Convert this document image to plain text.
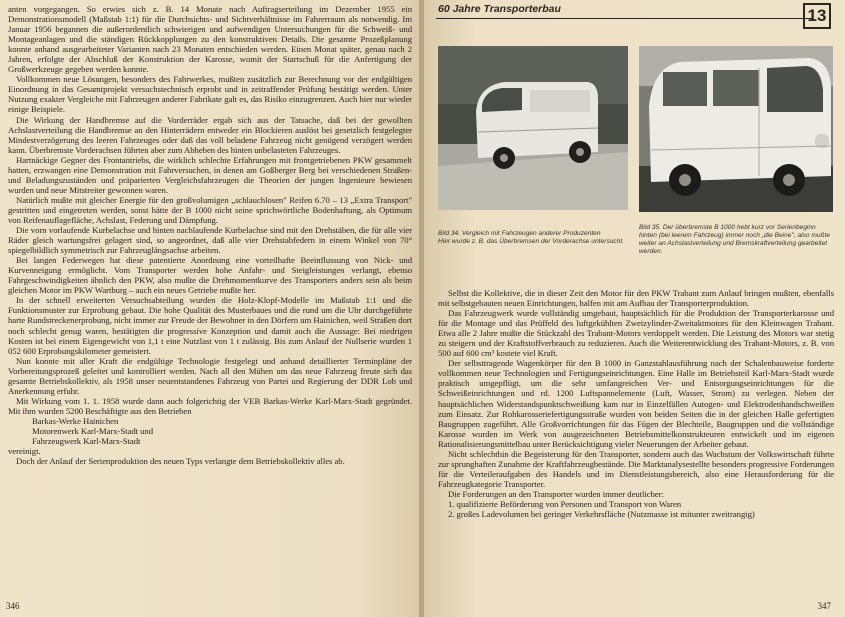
anten vorgegangen. So erwies sich z. B. 14 Monate nach Auftragserteilung im Dezember 1955 ein Demonstrationsmodell (Maßstab 1:1) für die Durchsichts- und Sichtverhältnisse im Fahrerraum als notwendig. Im Januar 1956 begannen die außerordentlich schwierigen und aufwendigen Untersuchungen für die Schweiß- und Montageanlagen und die ständigen Rückkopplungen zu den konstruktiven Details. Die gesamte Prozeßplanung konnte anhand ausgearbeiteter Varianten nach 23 Monaten entschieden werden. Einen Monat später, genau nach 2 Jahren, erfolgte der Abschluß der Konstruktion der Karosse, womit der Startschuß für die Anfertigung der Großwerkzeuge gegeben werden konnte.

Vollkommen neue Lösungen, besonders des Fahrwerkes, mußten zusätzlich zur Berechnung vor der endgültigen Einordnung in das Gesamtprojekt versuchstechnisch erprobt und in zeitraffender Prüfung bestätigt werden. Unter Nutzung exakter Vergleiche mit Fahrzeugen anderer Fabrikate galt es, das Risiko einzugrenzen. Auch hier nur wieder einige Beispiele.

Die Wirkung der Handbremse auf die Vorderräder ergab sich aus der Tatsache, daß bei der gewollten Achslastverteilung die Handbremse an den Hinterrädern entweder ein Blockieren auslöst bei gesetzlich festgelegter Mindestverzögerung des leeren Fahrzeuges oder daß das voll beladene Fahrzeug nicht genügend verzögert werden kann. Überbremste Vorderachsen führten aber zum Abheben des hinten unbelasteten Fahrzeuges.

Hartnäckige Gegner des Frontantriebs, die wirklich schlechte Erfahrungen mit frontgetriebenen PKW gesammelt hatten, erzwangen eine Demonstration mit Fahrversuchen, in denen am Goßberger Berg bei verschiedenen Straßen- und Beladungszuständen und präparierten Vergleichsfahrzeugen die Theorien der jungen Ingenieure bewiesen wurden und neue Mitstreiter gewonnen waren.

Natürlich mußte mit gleicher Energie für den großvolumigen „schlauchlosen" Reifen 6.70 – 13 „Extra Transport" gestritten und eingetreten werden, sonst hätte der B 1000 nicht seine sprichwörtliche Bodenhaftung, als Optimum von Reifenauflagefläche, Achslast, Federung und Dämpfung.

Die vorn vorlaufende Kurbelachse und hinten nachlaufende Kurbelachse sind mit den Drehstäben, die für alle vier Räder gleich wartungsfrei gelagert sind, so angeordnet, daß alle vier Drehstabfedern in einem Winkel von 70° spiegelbildlich symmetrisch zur Fahrzeuglängsachse arbeiten.

Bei langen Federwegen hat diese patentierte Anordnung eine vorteilhafte Beeinflussung von Nick- und Kurvenneigung ermöglicht. Vom Transporter werden hohe Anfahr- und Steigleistungen verlangt, ebenso Fahrgeschwindigkeiten ähnlich den PKW, also mußte die Drehmomentkurve des Transporters anders sein als beim gleichen Motor im PKW Wartburg – auch ein neues Getriebe mußte her.

In der schnell erweiterten Versuchsabteilung wurden die Holz-Klopf-Modelle im Maßstab 1:1 und die Funktionsmuster zur Erprobung gebaut. Die hohe Qualität des Musterbaues und die rund um die Uhr durchgeführte harte Rundstreckenerprobung, nicht immer zur Freude der Bewohner in den Dörfern um Hainichen, weil Straßen dort noch schlecht genug waren, bestätigten die progressive Konzeption und damit auch die Aussage: Bei niedrigen Kosten ist bei einem Eigengewicht von 1,1 t eine Nutzlast von 1 t zulässig. Bis zum Anlauf der Nullserie wurden 1 052 600 Erprobungskilometer gemeistert.

Nun konnte mit aller Kraft die endgültige Technologie festgelegt und anhand detaillierter Terminpläne der Vorbereitungsprozeß geleitet und kontrolliert werden. Nach all den Mühen um das neue Fahrzeug freute sich das gesamte Betriebskollektiv, als 1958 unser neuentstandenes Fahrzeug von Partei und Regierung der DDR Lob und Anerkennung erfuhr.

Mit Wirkung vom 1. 1. 1958 wurde dann auch folgerichtig der VEB Barkas-Werke Karl-Marx-Stadt gegründet. Mit ihm wurden 5200 Beschäftigte aus den Betrieben

Barkas-Werke Hainichen

Motorenwerk Karl-Marx-Stadt und

Fahrzeugwerk Karl-Marx-Stadt

vereinigt.

Doch der Anlauf der Serienproduktion des neuen Typs verlangte dem Betriebskollektiv alles ab.

346
60 Jahre Transporterbau	13
Bild 34. Vergleich mit Fahrzeugen anderer Produzenten
Hier wurde z. B. das Überbremsen der Vorderachse untersucht.
Bild 35. Der überbremste B 1000 hebt kurz vor Serienbeginn hinten (bei leerem Fahrzeug) immer noch „die Beine", also mußte weiter an Achslastverteilung und Bremskraftverteilung gearbeitet werden.

Selbst die Kollektive, die in dieser Zeit den Motor für den PKW Trabant zum Anlauf bringen mußten, ebenfalls mit selbstgebauten neuen Einrichtungen, halfen mit am Aufbau der Transporterproduktion.

Das Fahrzeugwerk wurde vollständig umgebaut, hauptsächlich für die Produktion der Transporterkarosse und für die Montage und das Prüffeld des luftgekühlten Zweizylinder-Zweitaktmotors für den Kleinwagen Trabant. Etwa alle 2 Jahre mußte die Stückzahl des Trabant-Motors verdoppelt werden. Die Leistung des Motors war stetig zu steigern und der Kraftstoffverbrauch zu reduzieren. Auch die Weiterentwicklung des Trabant-Motors, z. B. von 500 auf 600 cm³ kostete viel Kraft.

Der selbsttragende Wagenkörper für den B 1000 in Ganzstahlausführung nach der Schalenbauweise forderte vollkommen neue Technologien und Fertigungseinrichtungen. Eine Halle im Betriebsteil Karl-Marx-Stadt wurde praktisch umgepflügt, um die sehr umfangreichen Ver- und Entsorgungseinrichtungen für die Schweißeinrichtungen und rd. 1200 Luftspannelemente (Luft, Wasser, Strom) zu verlegen. Neben der hauptsächlichen Widerstandspunktschweißung kam nur in Einzelfällen Autogen- und Elektrodenhandschweißen zum Einsatz. Zur Rohkarosseriefertigungsstraße wurden von beiden Seiten die in der gleichen Halle gefertigten Baugruppen zugeführt. Alle Großvorrichtungen für das Fügen der Blechteile, Baugruppen und die vollständige Karosse wurden im Werk von ausgezeichneten Betriebsmittelkonstrukteuren entwickelt und im eigenen Rationalisierungsmittelbau unter Berücksichtigung vieler Neuerungen der Arbeiter gebaut.

Nicht schlechthin die Begeisterung für den Transporter, sondern auch das Wachstum der Volkswirtschaft führte zur sprunghaften Zunahme der Kraftfahrzeugbestände. Die Marktanalysestellte besonders progressive Forderungen für die Verteileraufgaben des Handels und im Dienstleistungsbereich, also eine Herausforderung für die Fahrzeugkategorie Transporter.

Die Forderungen an den Transporter wurden immer deutlicher:

1. qualifizierte Beförderung von Personen und Transport von Waren

2. großes Ladevolumen bei geringer Verkehrsfläche (Nutzmasse ist mitunter zweitrangig)

347
